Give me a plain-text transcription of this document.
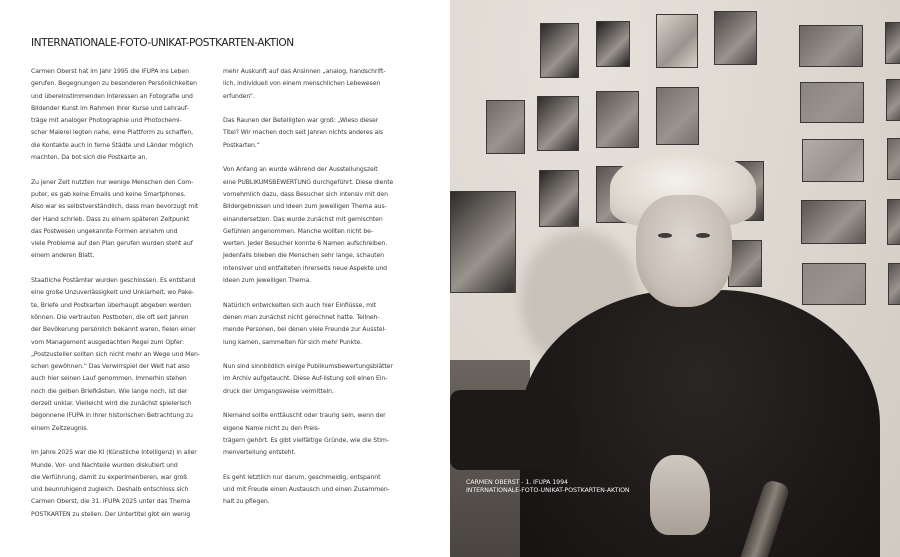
INTERNATIONALE-FOTO-UNIKAT-POSTKARTEN-AKTION
Carmen Oberst hat im Jahr 1995 die IFUPA ins Leben
gerufen. Begegnungen zu besonderen Persönlichkeiten
und übereinstimmenden Interessen an Fotografie und
Bildender Kunst im Rahmen ihrer Kurse und Lehrauf-
träge mit analoger Photographie und Photochemi-
scher Malerei legten nahe, eine Plattform zu schaffen,
die Kontakte auch in ferne Städte und Länder möglich
machten. Da bot sich die Postkarte an.
Zu jener Zeit nutzten nur wenige Menschen den Com-
puter, es gab keine Emails und keine Smartphones.
Also war es selbstverständlich, dass man bevorzugt mit
der Hand schrieb. Dass zu einem späteren Zeitpunkt
das Postwesen ungekannte Formen annahm und
viele Probleme auf den Plan gerufen wurden steht auf
einem anderen Blatt.
Staatliche Postämter wurden geschlossen. Es entstand
eine große Unzuverlässigkeit und Unklarheit, wo Pake-
te, Briefe und Postkarten überhaupt abgeben werden
können. Die vertrauten Postboten, die oft seit Jahren
der Bevökerung persönlich bekannt waren, fielen einer
vom Management ausgedachten Regel zum Opfer:
„Postzusteller sollten sich nicht mehr an Wege und Men-
schen gewöhnen.“ Das Verwirrspiel der Welt hat also
auch hier seinen Lauf genommen. Immerhin stehen
noch die gelben Briefkästen. Wie lange noch, ist der
derzeit unklar. Vielleicht wird die zunächst spielerisch
begonnene IFUPA in ihrer historischen Betrachtung zu
einem Zeitzeugnis.
Im Jahre 2025 war die KI (Künstliche Intelligenz) in aller
Munde. Vor- und Nachteile wurden diskutiert und
die Verführung, damit zu experimentieren, war groß
und beunruhigend zugleich. Deshalb entschloss sich
Carmen Oberst, die 31. IFUPA 2025 unter das Thema
POSTKARTEN zu stellen. Der Untertitel gibt ein wenig
mehr Auskunft auf das Ansinnen „analog, handschrift-
lich, individuell von einem menschlichen Lebewesen
erfunden“.
Das Raunen der Beteiligten war groß: „Wieso dieser
Titel? Wir machen doch seit Jahren nichts anderes als
Postkarten.“
Von Anfang an wurde während der Ausstellungszeit
eine PUBLIKUMSBEWERTUNG durchgeführt. Diese diente
vornehmlich dazu, dass Besucher sich intensiv mit den
Bildergebnissen und Ideen zum jeweiligen Thema aus-
einandersetzen. Das wurde zunächst mit gemischten
Gefühlen angenommen. Manche wollten nicht be-
werten. Jeder Besucher konnte 6 Namen aufschreiben.
Jedenfalls blieben die Menschen sehr lange, schauten
intensiver und entfalteten ihrerseits neue Aspekte und
Ideen zum jeweiligen Thema.
Natürlich entwickelten sich auch hier Einflüsse, mit
denen man zunächst nicht gerechnet hatte. Teilneh-
mende Personen, bei denen viele Freunde zur Ausstel-
lung kamen, sammelten für sich mehr Punkte.
Nun sind sinnbildlich einige Publikumsbewertungsblätter
im Archiv aufgetaucht. Diese Auf-listung soll einen Ein-
druck der Umgangsweise vermitteln.
Niemand sollte enttäuscht oder traurig sein, wenn der
eigene Name nicht zu den Preis-
trägern gehört. Es gibt vielfältige Gründe, wie die Stim-
menverteilung entsteht.
Es geht letztlich nur darum, geschmeidig, entspannt
und mit Freude einen Austausch und einen Zusammen-
halt zu pflegen.
CARMEN OBERST - 1. IFUPA 1994
INTERNATIONALE-FOTO-UNIKAT-POSTKARTEN-AKTION
